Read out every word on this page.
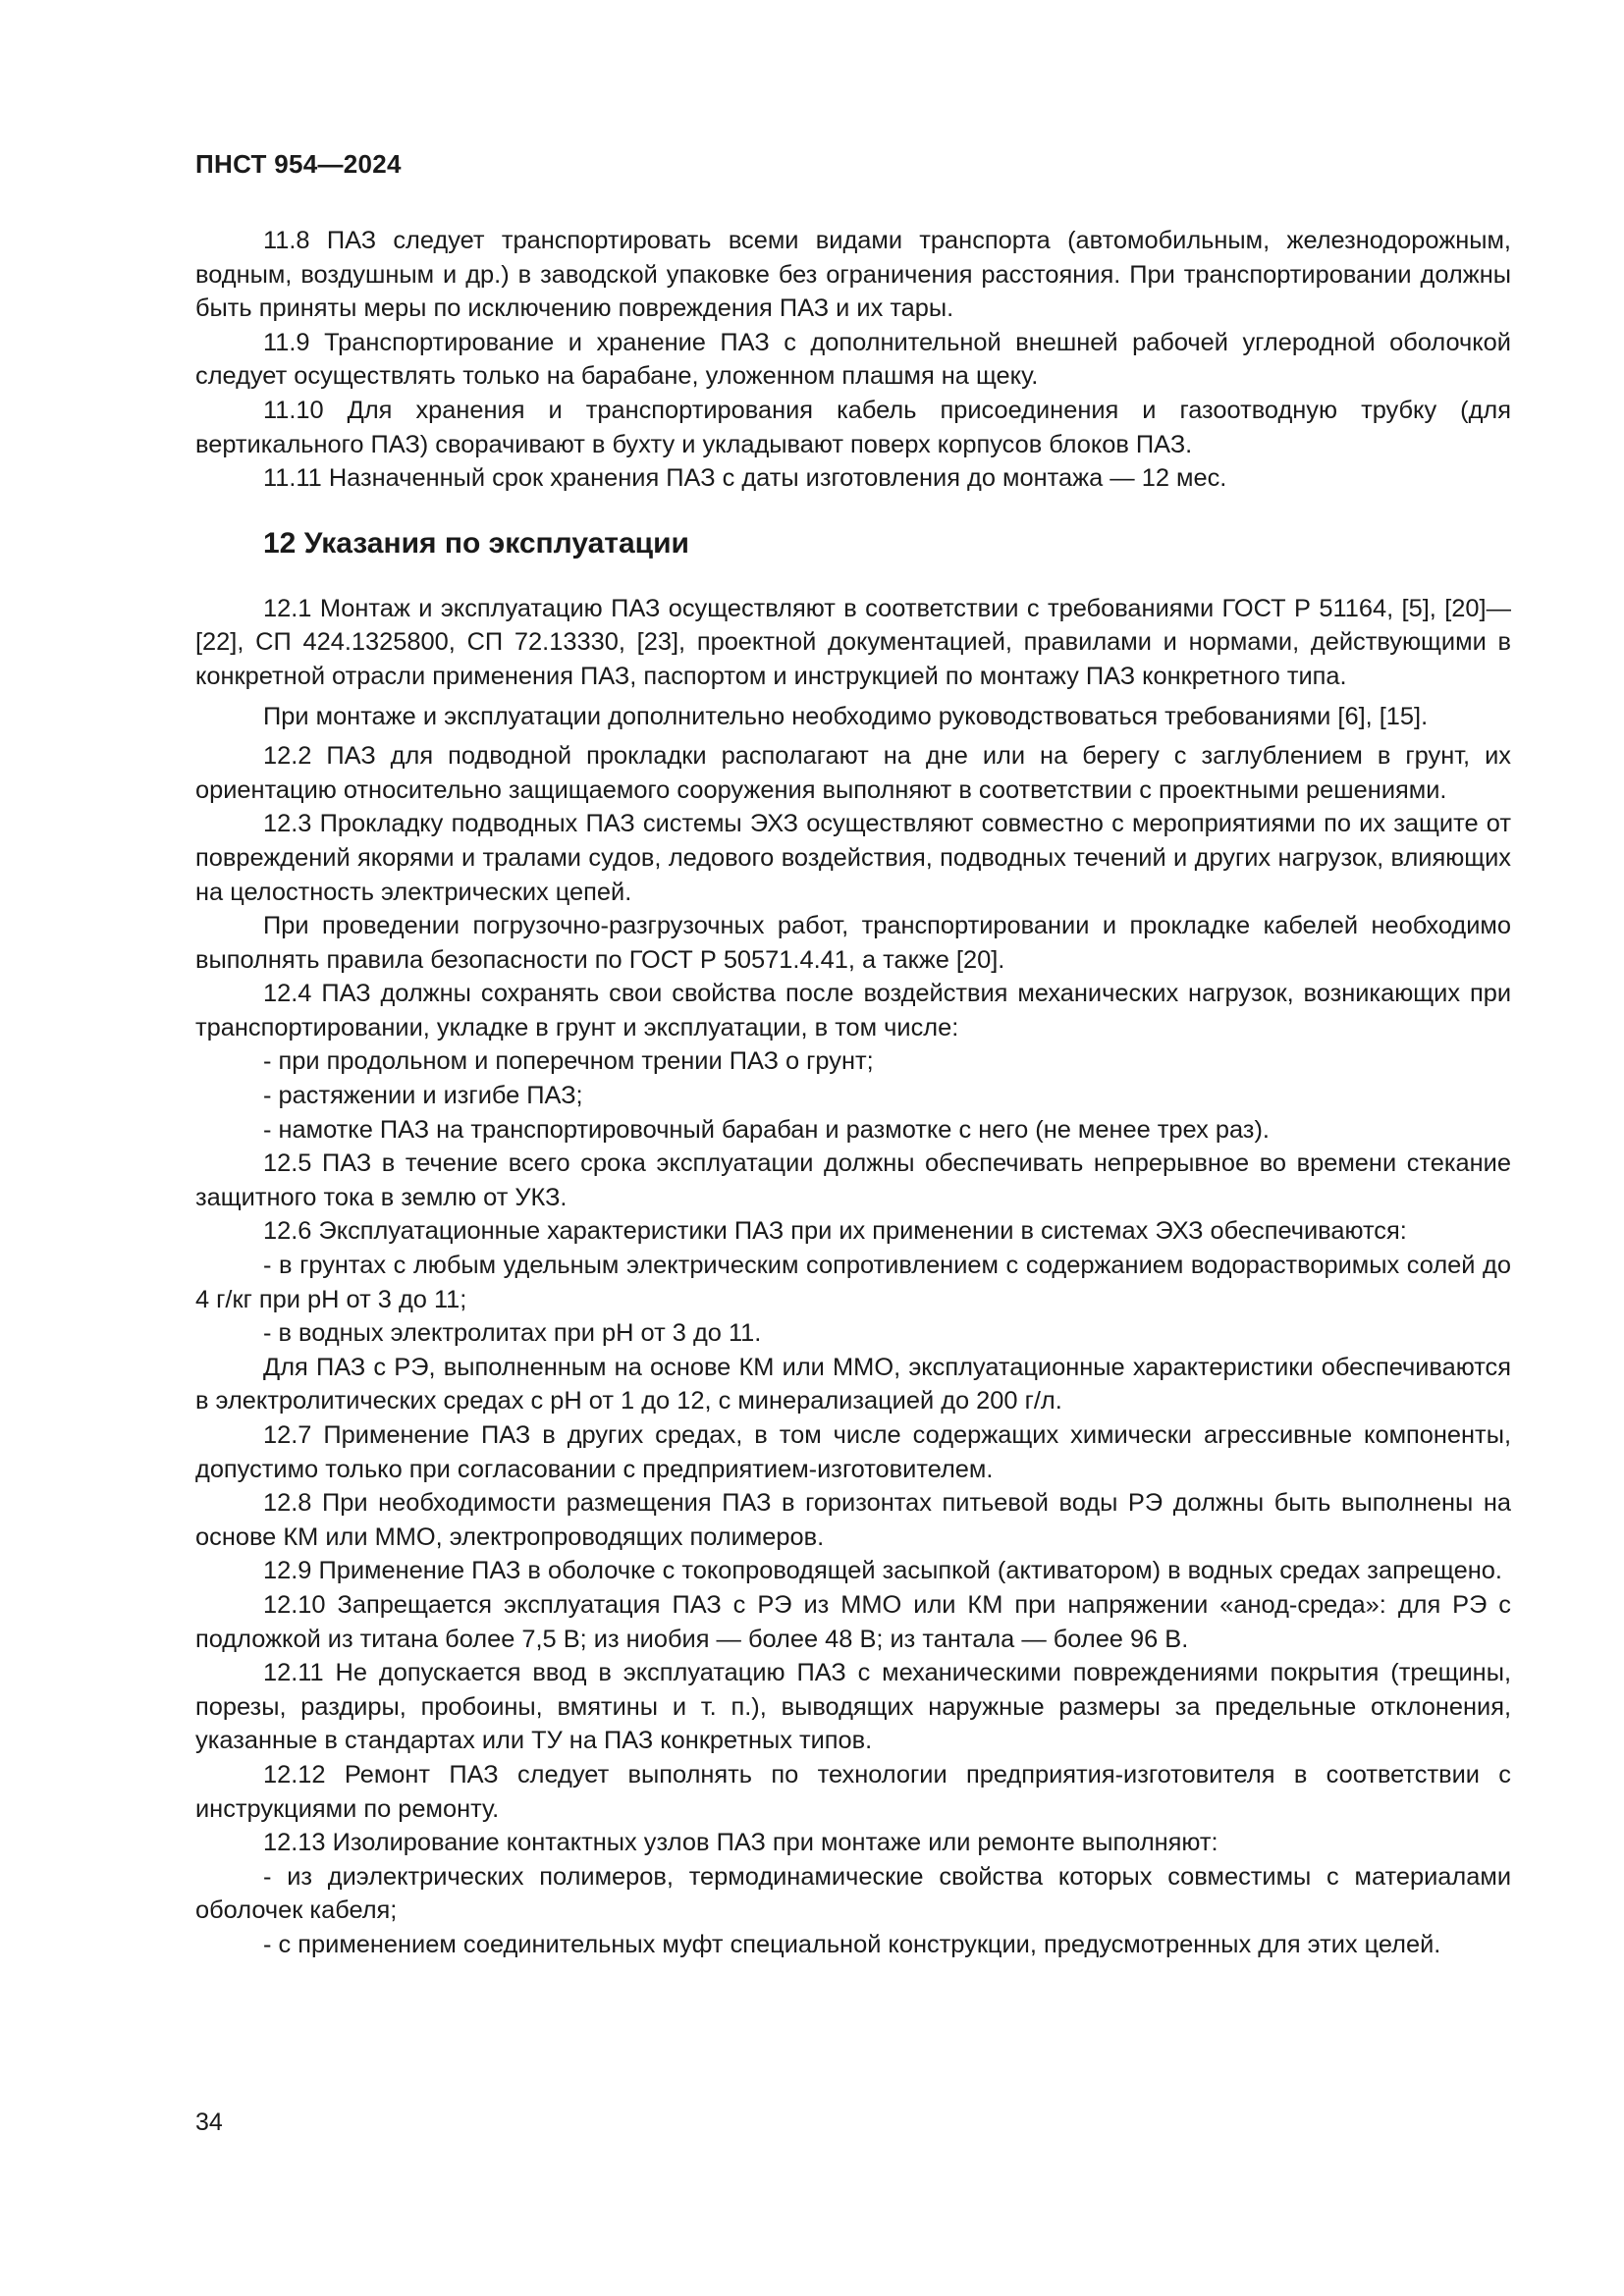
ПНСТ 954—2024

11.8 ПАЗ следует транспортировать всеми видами транспорта (автомобильным, железнодорожным, водным, воздушным и др.) в заводской упаковке без ограничения расстояния. При транспортировании должны быть приняты меры по исключению повреждения ПАЗ и их тары.

11.9 Транспортирование и хранение ПАЗ с дополнительной внешней рабочей углеродной оболочкой следует осуществлять только на барабане, уложенном плашмя на щеку.

11.10 Для хранения и транспортирования кабель присоединения и газоотводную трубку (для вертикального ПАЗ) сворачивают в бухту и укладывают поверх корпусов блоков ПАЗ.

11.11 Назначенный срок хранения ПАЗ с даты изготовления до монтажа — 12 мес.

12 Указания по эксплуатации

12.1 Монтаж и эксплуатацию ПАЗ осуществляют в соответствии с требованиями ГОСТ Р 51164, [5], [20]—[22], СП 424.1325800, СП 72.13330, [23], проектной документацией, правилами и нормами, действующими в конкретной отрасли применения ПАЗ, паспортом и инструкцией по монтажу ПАЗ конкретного типа.

При монтаже и эксплуатации дополнительно необходимо руководствоваться требованиями [6], [15].

12.2 ПАЗ для подводной прокладки располагают на дне или на берегу с заглублением в грунт, их ориентацию относительно защищаемого сооружения выполняют в соответствии с проектными решениями.

12.3 Прокладку подводных ПАЗ системы ЭХЗ осуществляют совместно с мероприятиями по их защите от повреждений якорями и тралами судов, ледового воздействия, подводных течений и других нагрузок, влияющих на целостность электрических цепей.

При проведении погрузочно-разгрузочных работ, транспортировании и прокладке кабелей необходимо выполнять правила безопасности по ГОСТ Р 50571.4.41, а также [20].

12.4 ПАЗ должны сохранять свои свойства после воздействия механических нагрузок, возникающих при транспортировании, укладке в грунт и эксплуатации, в том числе:

- при продольном и поперечном трении ПАЗ о грунт;

- растяжении и изгибе ПАЗ;

- намотке ПАЗ на транспортировочный барабан и размотке с него (не менее трех раз).

12.5 ПАЗ в течение всего срока эксплуатации должны обеспечивать непрерывное во времени стекание защитного тока в землю от УКЗ.

12.6 Эксплуатационные характеристики ПАЗ при их применении в системах ЭХЗ обеспечиваются:

- в грунтах с любым удельным электрическим сопротивлением с содержанием водорастворимых солей до 4 г/кг при pH от 3 до 11;

- в водных электролитах при pH от 3 до 11.

Для ПАЗ с РЭ, выполненным на основе КМ или ММО, эксплуатационные характеристики обеспечиваются в электролитических средах с pH от 1 до 12, с минерализацией до 200 г/л.

12.7 Применение ПАЗ в других средах, в том числе содержащих химически агрессивные компоненты, допустимо только при согласовании с предприятием-изготовителем.

12.8 При необходимости размещения ПАЗ в горизонтах питьевой воды РЭ должны быть выполнены на основе КМ или ММО, электропроводящих полимеров.

12.9 Применение ПАЗ в оболочке с токопроводящей засыпкой (активатором) в водных средах запрещено.

12.10 Запрещается эксплуатация ПАЗ с РЭ из ММО или КМ при напряжении «анод-среда»: для РЭ с подложкой из титана более 7,5 В; из ниобия — более 48 В; из тантала — более 96 В.

12.11 Не допускается ввод в эксплуатацию ПАЗ с механическими повреждениями покрытия (трещины, порезы, раздиры, пробоины, вмятины и т. п.), выводящих наружные размеры за предельные отклонения, указанные в стандартах или ТУ на ПАЗ конкретных типов.

12.12 Ремонт ПАЗ следует выполнять по технологии предприятия-изготовителя в соответствии с инструкциями по ремонту.

12.13 Изолирование контактных узлов ПАЗ при монтаже или ремонте выполняют:

- из диэлектрических полимеров, термодинамические свойства которых совместимы с материалами оболочек кабеля;

- с применением соединительных муфт специальной конструкции, предусмотренных для этих целей.

34
